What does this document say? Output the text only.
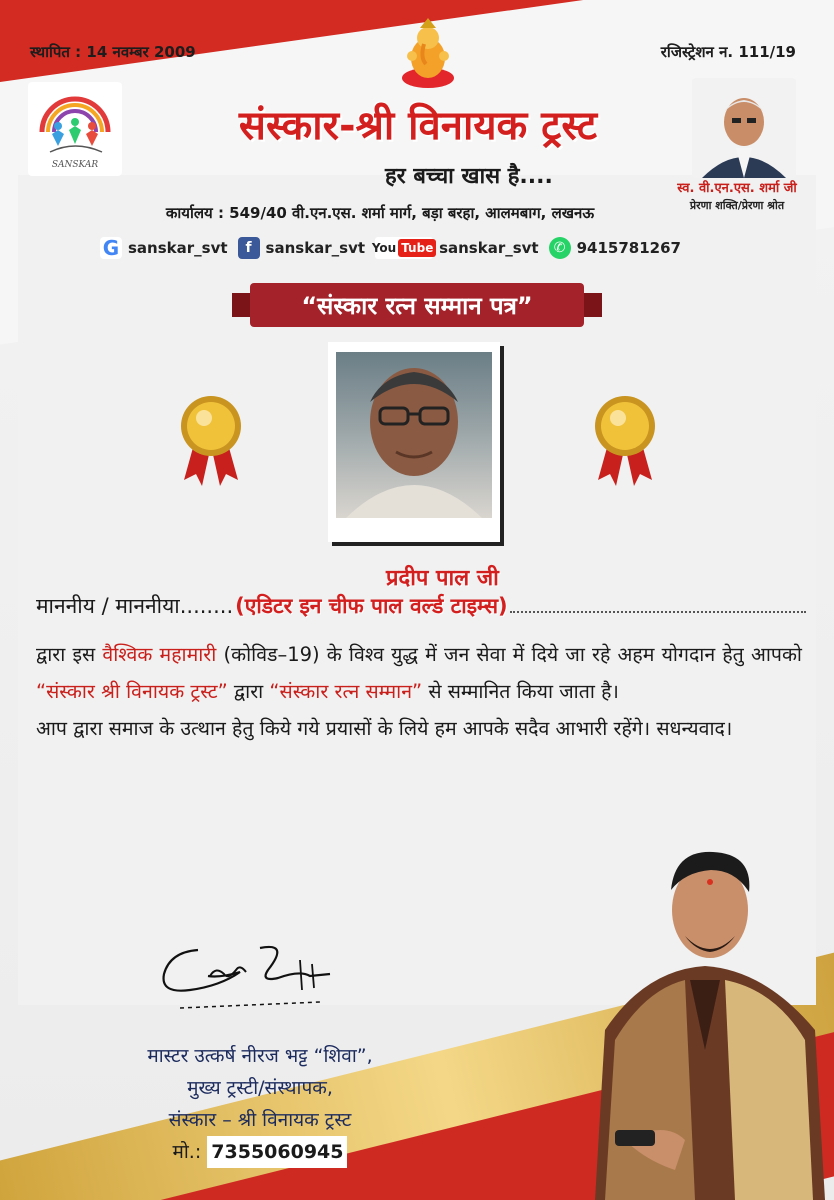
स्थापित : 14 नवम्बर 2009	रजिस्ट्रेशन न. 111/19
SANSKAR
संस्कार-श्री विनायक ट्रस्ट
हर बच्चा खास है....	स्व. वी.एन.एस. शर्मा जी
प्रेरणा शक्ति/प्रेरणा श्रोत
कार्यालय : 549/40 वी.एन.एस. शर्मा मार्ग, बड़ा बरहा, आलमबाग, लखनऊ
G sanskar_svt	f sanskar_svt You Tube sanskar_svt	✆ 9415781267
“संस्कार रत्न सम्मान पत्र”
प्रदीप पाल जी
माननीय / माननीया........ (एडिटर इन चीफ पाल वर्ल्ड टाइम्स)
द्वारा इस वैश्विक महामारी (कोविड–19) के विश्व युद्ध में जन सेवा में दिये जा रहे अहम योगदान हेतु आपको “संस्कार श्री विनायक ट्रस्ट” द्वारा “संस्कार रत्न सम्मान” से सम्मानित किया जाता है।
आप द्वारा समाज के उत्थान हेतु किये गये प्रयासों के लिये हम आपके सदैव आभारी रहेंगे। सधन्यवाद।
मास्टर उत्कर्ष नीरज भट्ट “शिवा”,
मुख्य ट्रस्टी/संस्थापक,
संस्कार – श्री विनायक ट्रस्ट
मो.: 7355060945
